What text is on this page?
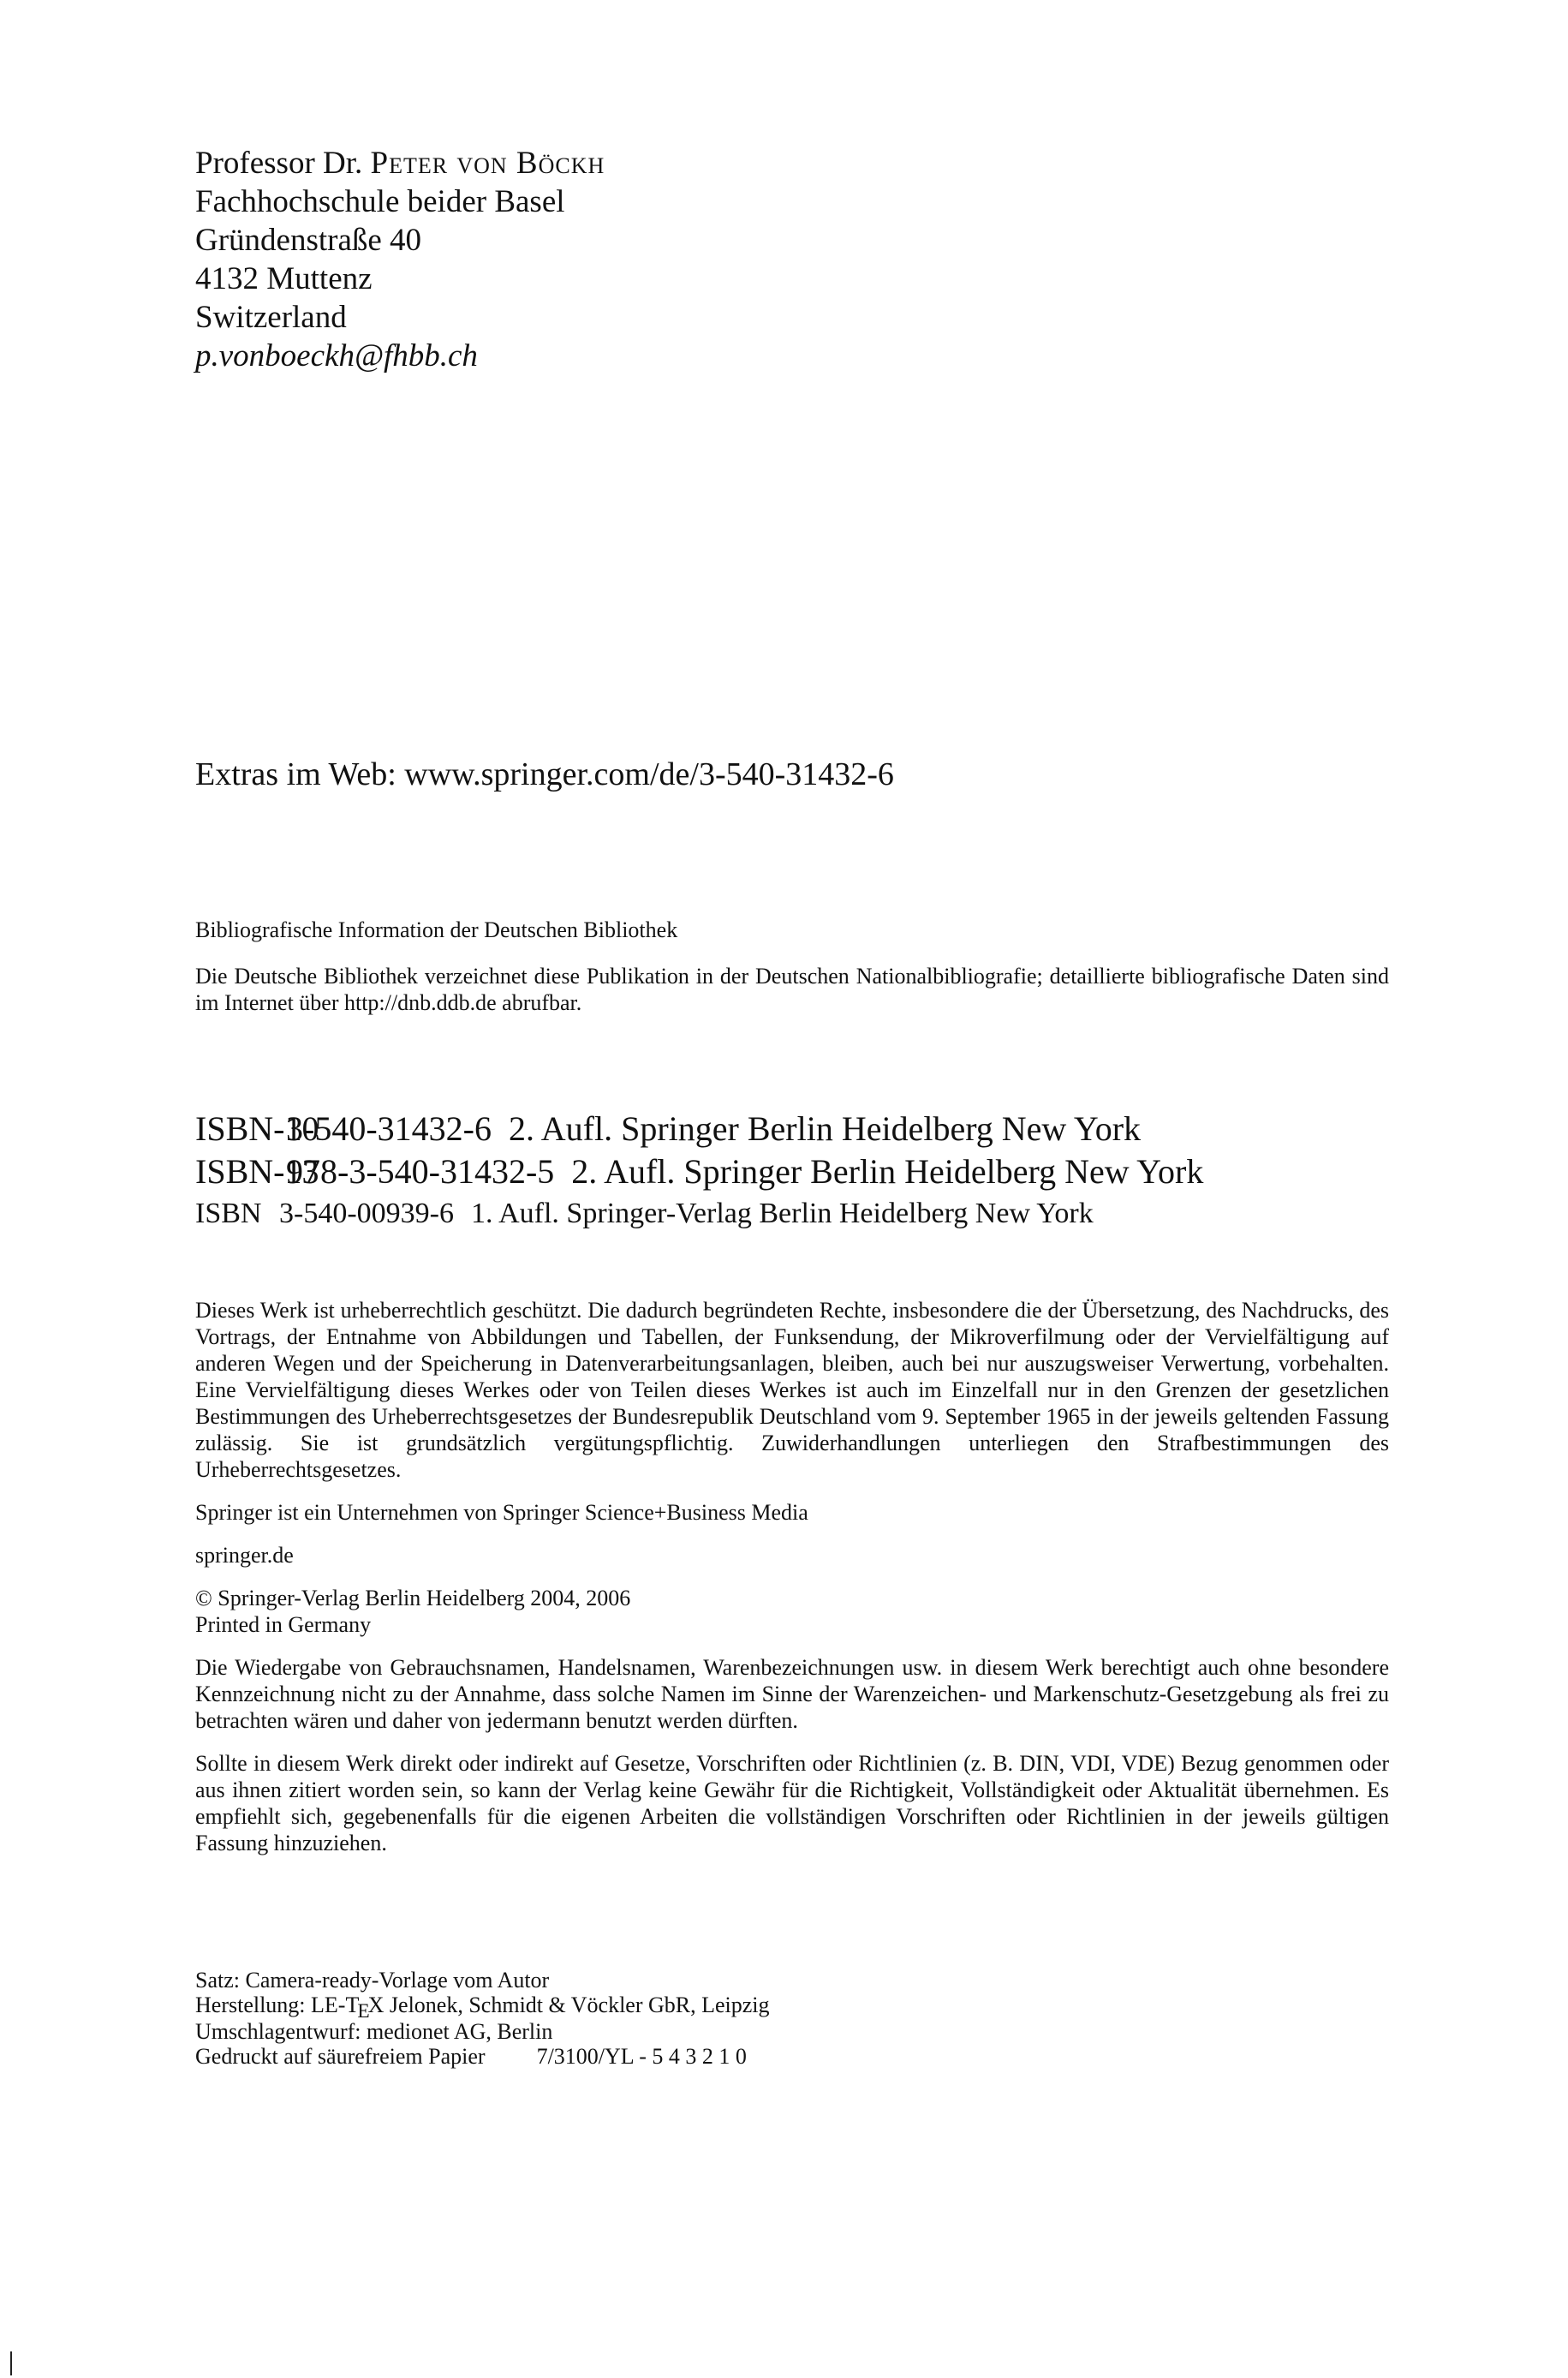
Professor Dr. Peter von Böckh
Fachhochschule beider Basel
Gründenstraße 40
4132 Muttenz
Switzerland
p.vonboeckh@fhbb.ch
Extras im Web: www.springer.com/de/3-540-31432-6

Bibliografische Information der Deutschen Bibliothek

Die Deutsche Bibliothek verzeichnet diese Publikation in der Deutschen Nationalbibliografie; detaillierte bibliografische Daten sind im Internet über http://dnb.ddb.de abrufbar.

ISBN-103-540-31432-6 2. Aufl. Springer Berlin Heidelberg New York
ISBN-13978-3-540-31432-5 2. Aufl. Springer Berlin Heidelberg New York
ISBN 3-540-00939-6 1. Aufl. Springer-Verlag Berlin Heidelberg New York

Dieses Werk ist urheberrechtlich geschützt. Die dadurch begründeten Rechte, insbesondere die der Übersetzung, des Nachdrucks, des Vortrags, der Entnahme von Abbildungen und Tabellen, der Funksendung, der Mikroverfilmung oder der Vervielfältigung auf anderen Wegen und der Speicherung in Datenverarbeitungsanlagen, bleiben, auch bei nur auszugsweiser Verwertung, vorbehalten. Eine Vervielfältigung dieses Werkes oder von Teilen dieses Werkes ist auch im Einzelfall nur in den Grenzen der gesetzlichen Bestimmungen des Urheberrechtsgesetzes der Bundesrepublik Deutschland vom 9. September 1965 in der jeweils geltenden Fassung zulässig. Sie ist grundsätzlich vergütungspflichtig. Zuwiderhandlungen unterliegen den Strafbestimmungen des Urheberrechtsgesetzes.

Springer ist ein Unternehmen von Springer Science+Business Media

springer.de

© Springer-Verlag Berlin Heidelberg 2004, 2006

Printed in Germany

Die Wiedergabe von Gebrauchsnamen, Handelsnamen, Warenbezeichnungen usw. in diesem Werk berechtigt auch ohne besondere Kennzeichnung nicht zu der Annahme, dass solche Namen im Sinne der Warenzeichen- und Markenschutz-Gesetzgebung als frei zu betrachten wären und daher von jedermann benutzt werden dürften.

Sollte in diesem Werk direkt oder indirekt auf Gesetze, Vorschriften oder Richtlinien (z. B. DIN, VDI, VDE) Bezug genommen oder aus ihnen zitiert worden sein, so kann der Verlag keine Gewähr für die Richtigkeit, Vollständigkeit oder Aktualität übernehmen. Es empfiehlt sich, gegebenenfalls für die eigenen Arbeiten die vollständigen Vorschriften oder Richtlinien in der jeweils gültigen Fassung hinzuziehen.

Satz: Camera-ready-Vorlage vom Autor
Herstellung: LE-TEX Jelonek, Schmidt & Vöckler GbR, Leipzig
Umschlagentwurf: medionet AG, Berlin
Gedruckt auf säurefreiem Papier 7/3100/YL - 5 4 3 2 1 0
